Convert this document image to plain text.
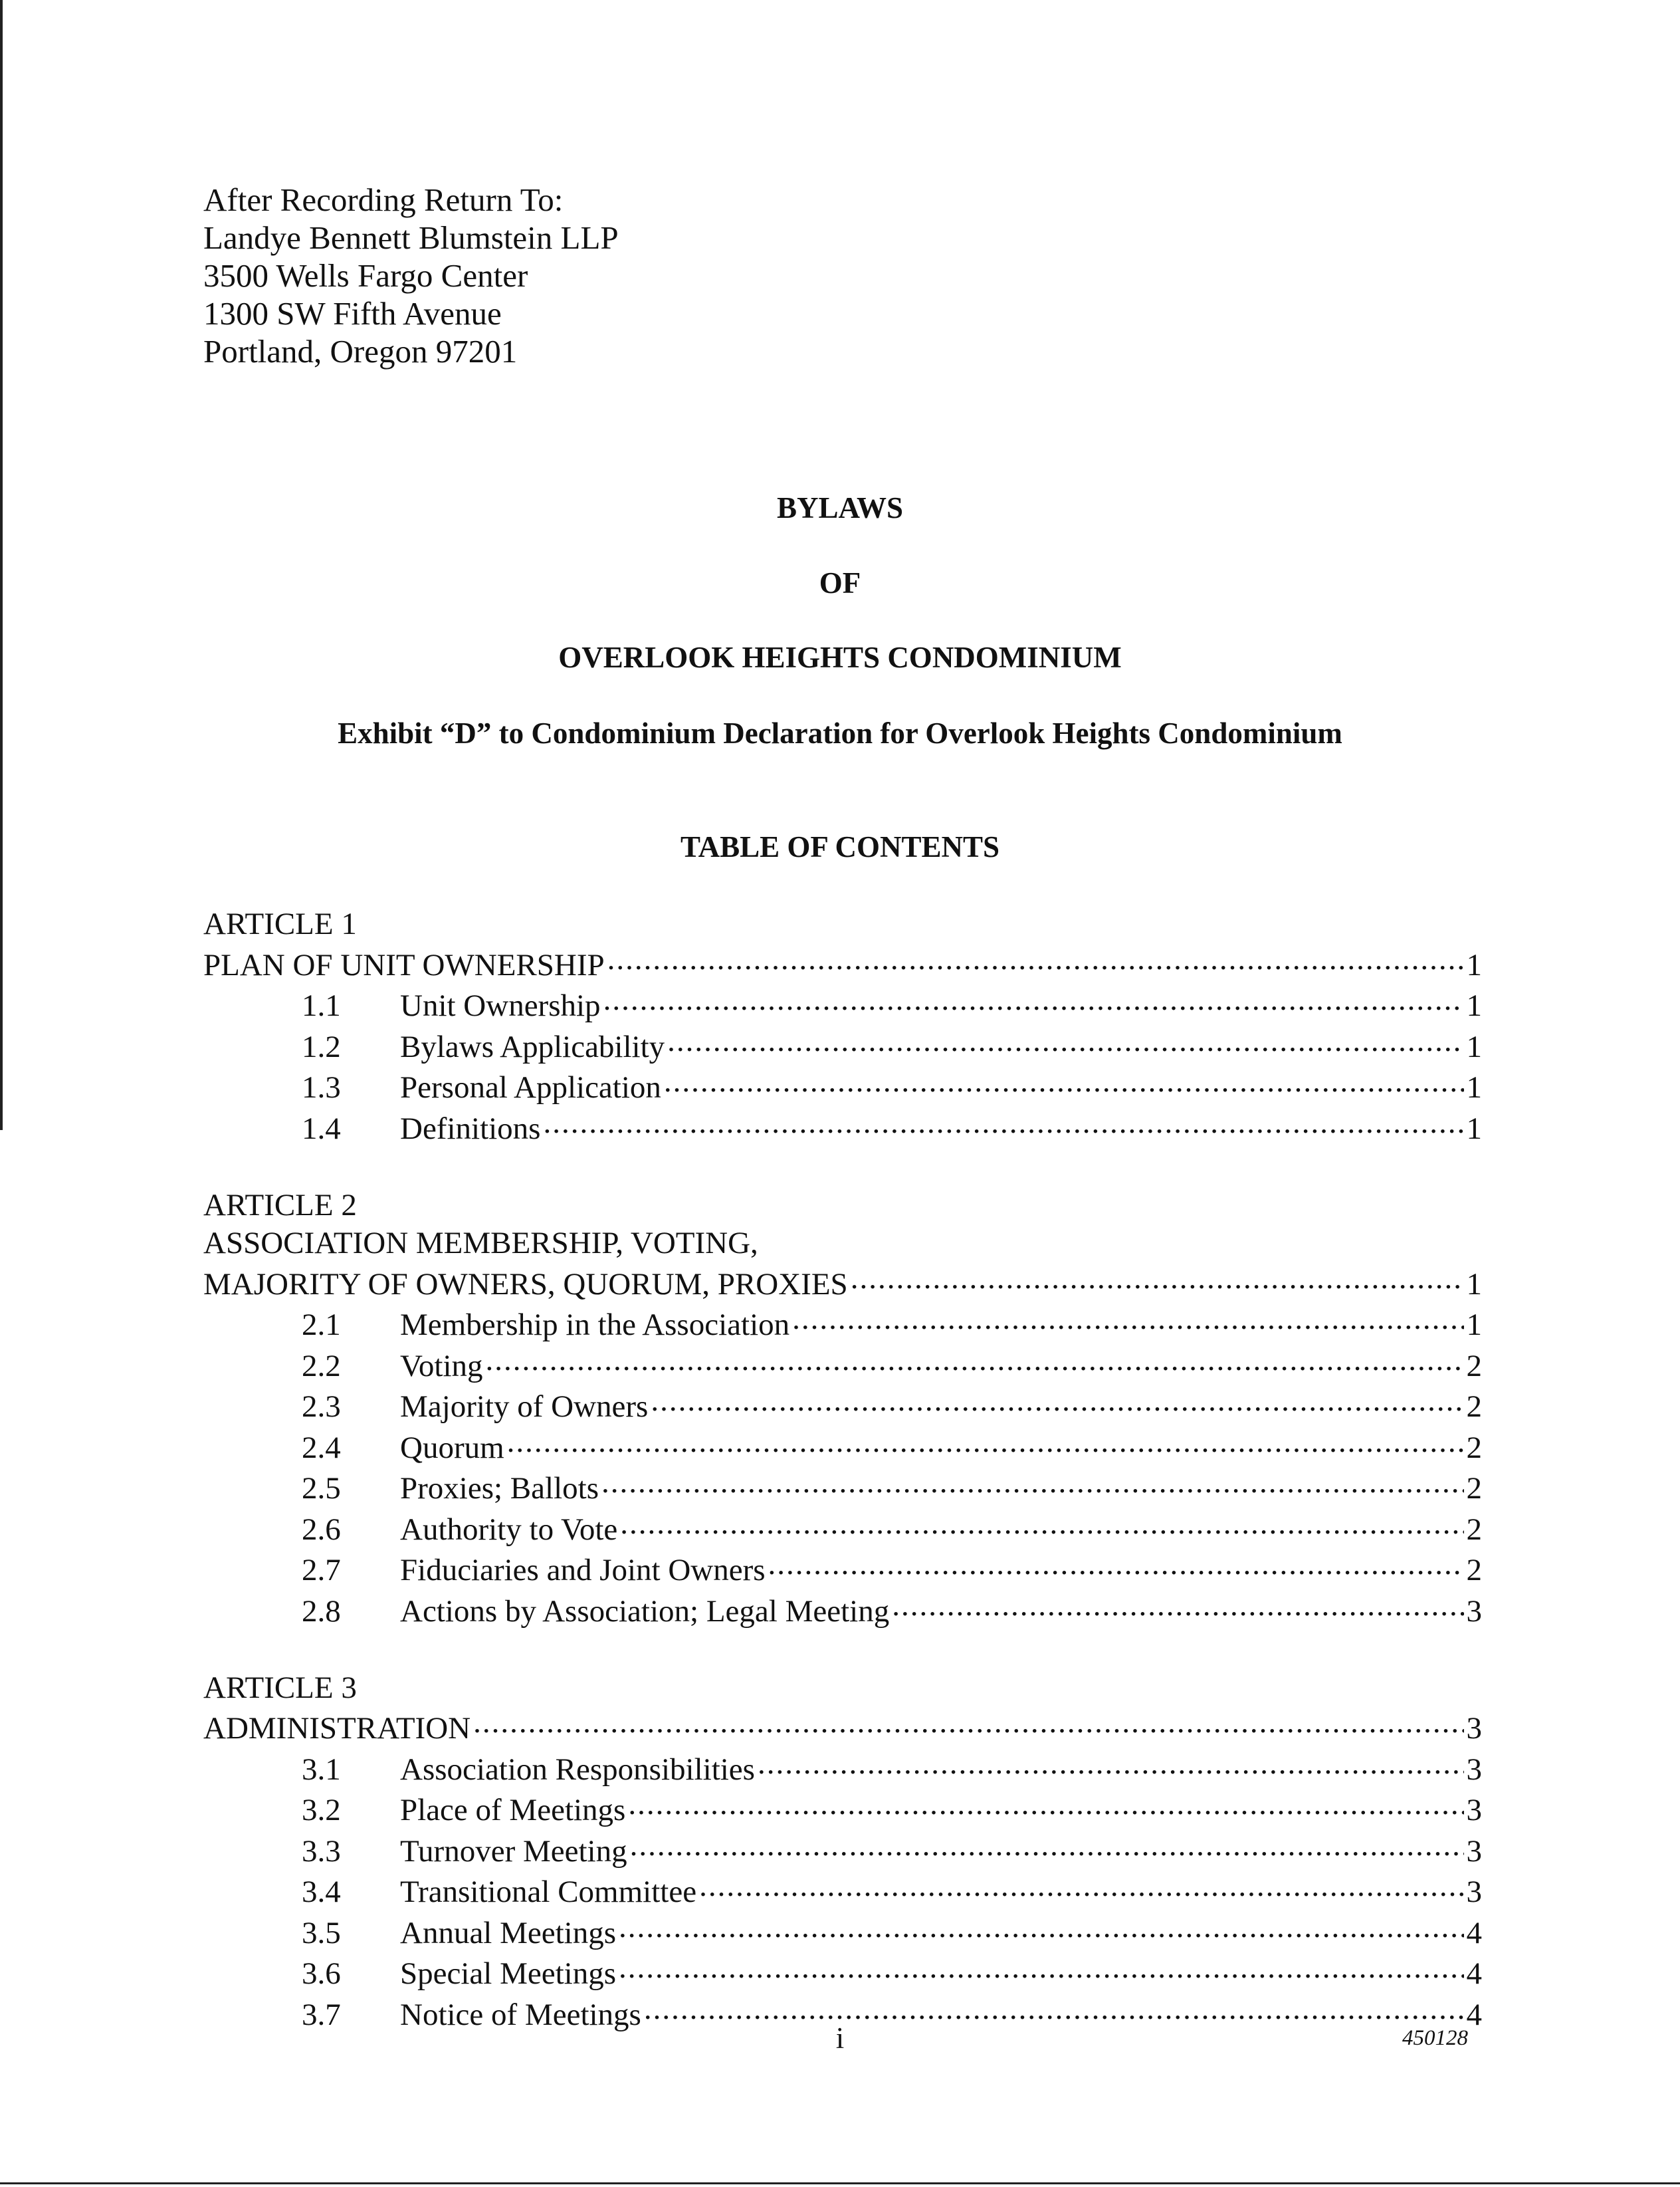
After Recording Return To:
Landye Bennett Blumstein LLP
3500 Wells Fargo Center
1300 SW Fifth Avenue
Portland, Oregon 97201
BYLAWS
OF
OVERLOOK HEIGHTS CONDOMINIUM
Exhibit “D” to Condominium Declaration for Overlook Heights Condominium
TABLE OF CONTENTS
ARTICLE 1
PLAN OF UNIT OWNERSHIP .....	1
1.1	Unit Ownership .....	1
1.2	Bylaws Applicability .....	1
1.3	Personal Application .....	1
1.4	Definitions .....	1
ARTICLE 2
ASSOCIATION MEMBERSHIP, VOTING,
MAJORITY OF OWNERS, QUORUM, PROXIES .....	1
2.1	Membership in the Association .....	1
2.2	Voting .....	2
2.3	Majority of Owners .....	2
2.4	Quorum .....	2
2.5	Proxies; Ballots .....	2
2.6	Authority to Vote .....	2
2.7	Fiduciaries and Joint Owners .....	2
2.8	Actions by Association; Legal Meeting .....	3
ARTICLE 3
ADMINISTRATION .....	3
3.1	Association Responsibilities .....	3
3.2	Place of Meetings .....	3
3.3	Turnover Meeting .....	3
3.4	Transitional Committee .....	3
3.5	Annual Meetings .....	4
3.6	Special Meetings .....	4
3.7	Notice of Meetings .....	4
i	450128
